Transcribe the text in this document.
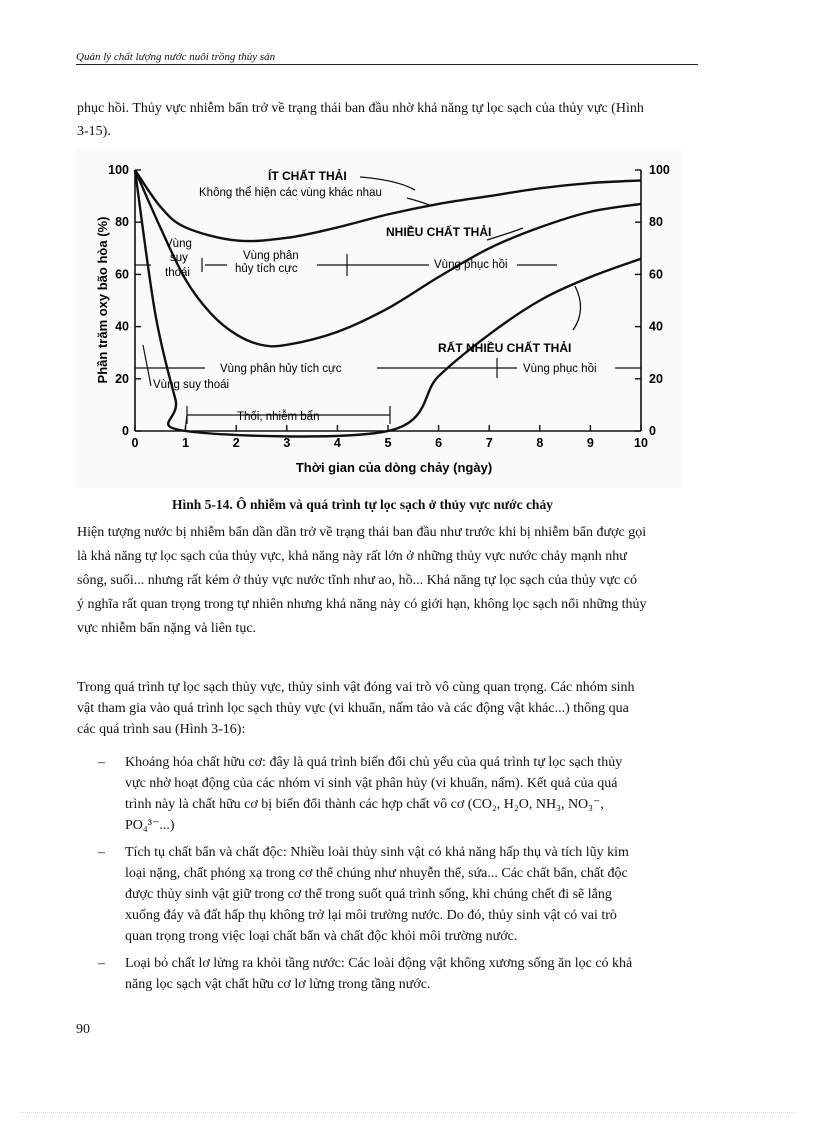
Quản lý chất lượng nước nuôi trồng thủy sản

phục hồi. Thủy vực nhiễm bẩn trở về trạng thái ban đầu nhờ khả năng tự lọc sạch của thủy vực (Hình 3-15).

0	1	2	3	4	5	6	7	8	9	10
0	0
20	20
40	40
60	60
80	80
100	100
ÍT CHẤT THẢI
Không thể hiện các vùng khác nhau
NHIỀU CHẤT THẢI
RẤT NHIỀU CHẤT THẢI
Vùng
suy
thoái
Vùng phân
hủy tích cực	Vùng phục hồi
Vùng phân hủy tích cực
Vùng suy thoái
Vùng phục hồi
Thối, nhiễm bẩn
Thời gian của dòng chảy (ngày)
Phần trăm oxy bão hòa (%)
Hình 5-14. Ô nhiễm và quá trình tự lọc sạch ở thủy vực nước chảy

Hiện tượng nước bị nhiễm bẩn dần dần trở về trạng thái ban đầu như trước khi bị nhiễm bẩn được gọi là khả năng tự lọc sạch của thủy vực, khả năng này rất lớn ở những thủy vực nước chảy mạnh như sông, suối... nhưng rất kém ở thủy vực nước tĩnh như ao, hồ... Khả năng tự lọc sạch của thủy vực có ý nghĩa rất quan trọng trong tự nhiên nhưng khả năng này có giới hạn, không lọc sạch nổi những thủy vực nhiễm bẩn nặng và liên tục.

Trong quá trình tự lọc sạch thủy vực, thủy sinh vật đóng vai trò vô cùng quan trọng. Các nhóm sinh vật tham gia vào quá trình lọc sạch thủy vực (vi khuẩn, nấm tảo và các động vật khác...) thông qua các quá trình sau (Hình 3-16):

– Khoáng hóa chất hữu cơ: đây là quá trình biến đổi chủ yếu của quá trình tự lọc sạch thủy vực nhờ hoạt động của các nhóm vi sinh vật phân hủy (vi khuẩn, nấm). Kết quả của quá trình này là chất hữu cơ bị biến đổi thành các hợp chất vô cơ (CO₂, H₂O, NH₃, NO₃⁻, PO₄³⁻...)
– Tích tụ chất bẩn và chất độc: Nhiều loài thủy sinh vật có khả năng hấp thụ và tích lũy kim loại nặng, chất phóng xạ trong cơ thể chúng như nhuyễn thể, sứa... Các chất bẩn, chất độc được thủy sinh vật giữ trong cơ thể trong suốt quá trình sống, khi chúng chết đi sẽ lắng xuống đáy và đất hấp thụ không trở lại môi trường nước. Do đó, thủy sinh vật có vai trò quan trọng trong việc loại chất bẩn và chất độc khỏi môi trường nước.
– Loại bỏ chất lơ lửng ra khỏi tầng nước: Các loài động vật không xương sống ăn lọc có khả năng lọc sạch vật chất hữu cơ lơ lửng trong tầng nước.
90
